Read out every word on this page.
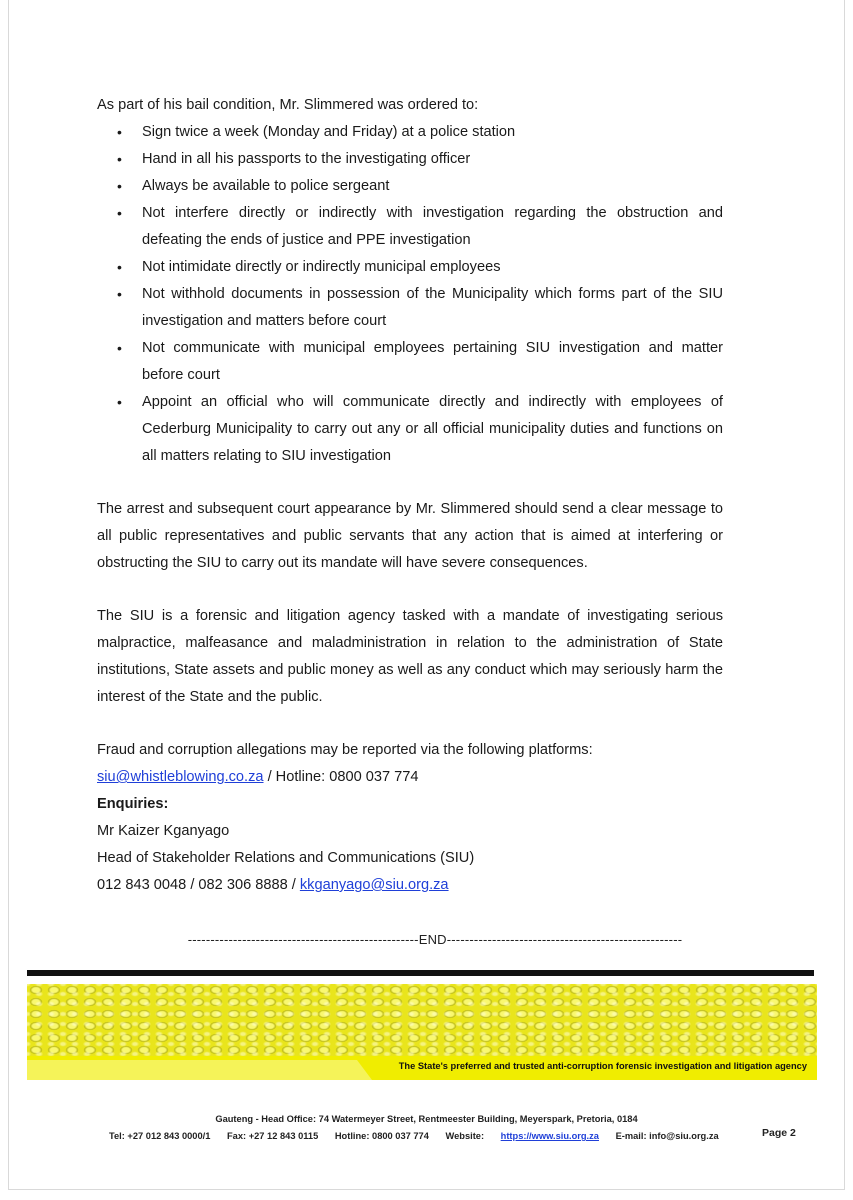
As part of his bail condition, Mr. Slimmered was ordered to:

• Sign twice a week (Monday and Friday) at a police station
• Hand in all his passports to the investigating officer
• Always be available to police sergeant
• Not interfere directly or indirectly with investigation regarding the obstruction and defeating the ends of justice and PPE investigation
• Not intimidate directly or indirectly municipal employees
• Not withhold documents in possession of the Municipality which forms part of the SIU investigation and matters before court
• Not communicate with municipal employees pertaining SIU investigation and matter before court
• Appoint an official who will communicate directly and indirectly with employees of Cederburg Municipality to carry out any or all official municipality duties and functions on all matters relating to SIU investigation

The arrest and subsequent court appearance by Mr. Slimmered should send a clear message to all public representatives and public servants that any action that is aimed at interfering or obstructing the SIU to carry out its mandate will have severe consequences.

The SIU is a forensic and litigation agency tasked with a mandate of investigating serious malpractice, malfeasance and maladministration in relation to the administration of State institutions, State assets and public money as well as any conduct which may seriously harm the interest of the State and the public.

Fraud and corruption allegations may be reported via the following platforms:

siu@whistleblowing.co.za / Hotline: 0800 037 774

Enquiries:

Mr Kaizer Kganyago

Head of Stakeholder Relations and Communications (SIU)

012 843 0048 / 082 306 8888 / kkganyago@siu.org.za

---------------------------------------------------END----------------------------------------------------
The State's preferred and trusted anti-corruption forensic investigation and litigation agency
Gauteng - Head Office: 74 Watermeyer Street, Rentmeester Building, Meyerspark, Pretoria, 0184
Tel: +27 012 843 0000/1 Fax: +27 12 843 0115 Hotline: 0800 037 774 Website: https://www.siu.org.za E-mail: info@siu.org.za	Page 2
